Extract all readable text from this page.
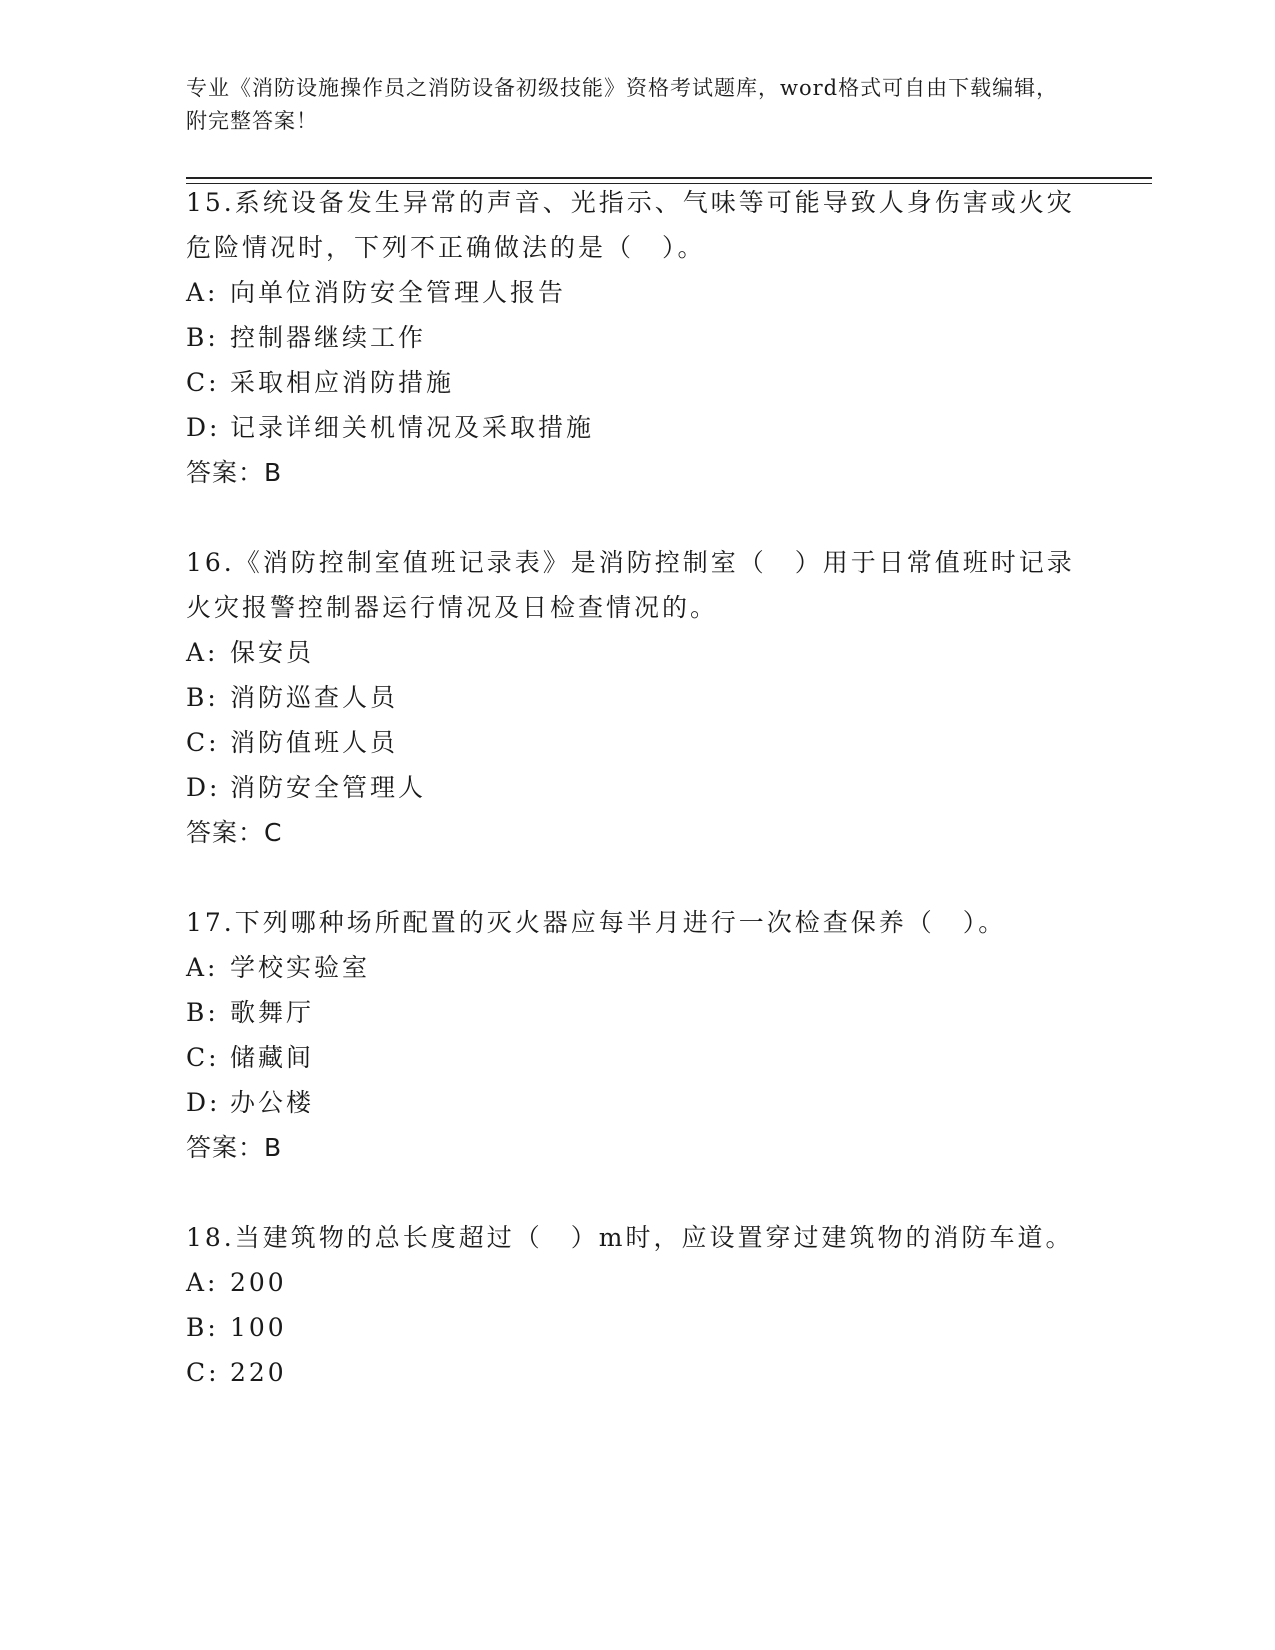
专业《消防设施操作员之消防设备初级技能》资格考试题库，word格式可自由下载编辑，附完整答案！

15.系统设备发生异常的声音、光指示、气味等可能导致人身伤害或火灾危险情况时，下列不正确做法的是（　）。

A: 向单位消防安全管理人报告

B: 控制器继续工作

C: 采取相应消防措施

D: 记录详细关机情况及采取措施

答案：B

16.《消防控制室值班记录表》是消防控制室（　）用于日常值班时记录火灾报警控制器运行情况及日检查情况的。

A: 保安员

B: 消防巡查人员

C: 消防值班人员

D: 消防安全管理人

答案：C

17.下列哪种场所配置的灭火器应每半月进行一次检查保养（　）。

A: 学校实验室

B: 歌舞厅

C: 储藏间

D: 办公楼

答案：B

18.当建筑物的总长度超过（　）m时，应设置穿过建筑物的消防车道。

A: 200

B: 100

C: 220
